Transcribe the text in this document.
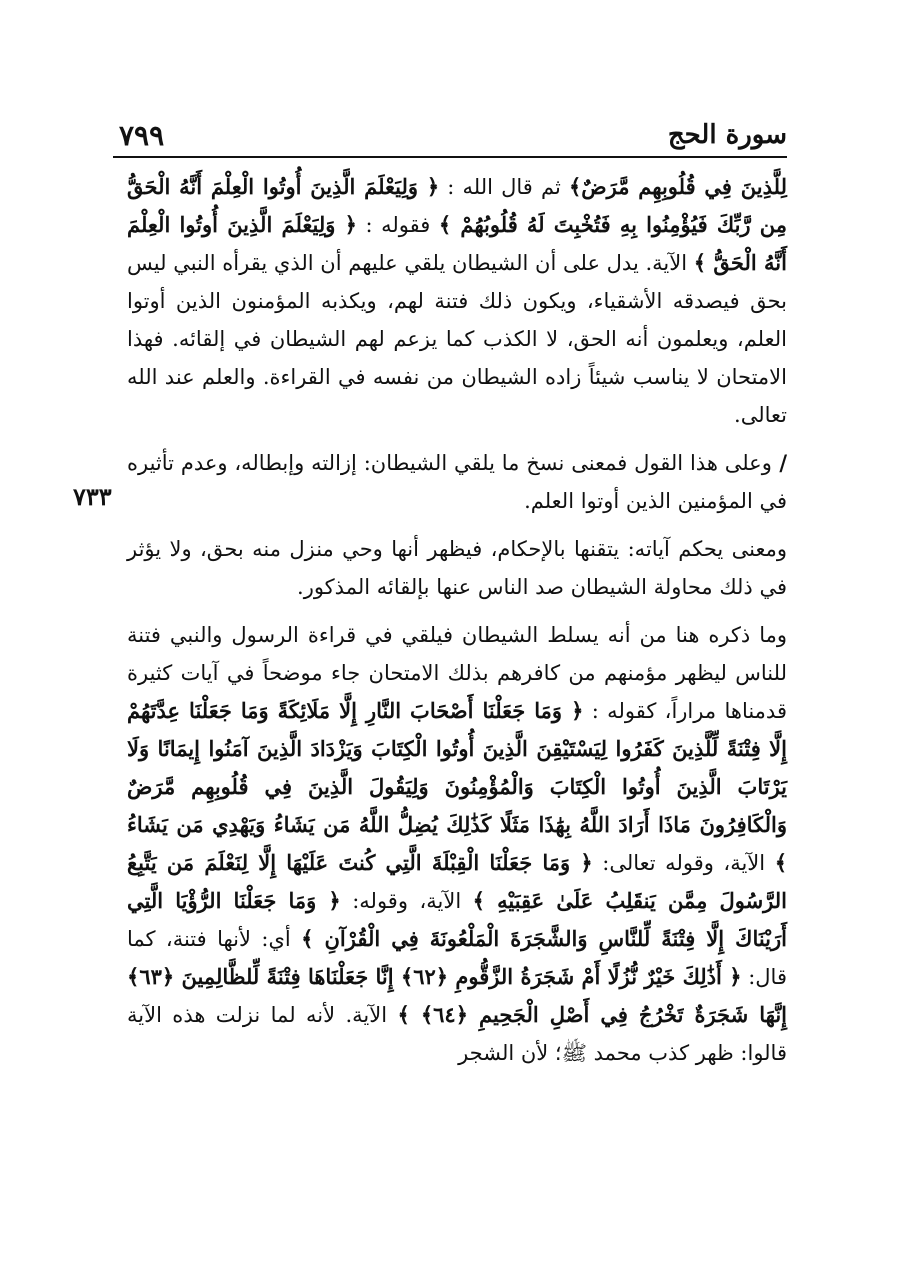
سورة الحج
٧٩٩
٧٣٣

لِلَّذِينَ فِي قُلُوبِهِم مَّرَضٌ﴾ ثم قال الله : ﴿ وَلِيَعْلَمَ الَّذِينَ أُوتُوا الْعِلْمَ أَنَّهُ الْحَقُّ مِن رَّبِّكَ فَيُؤْمِنُوا بِهِ فَتُخْبِتَ لَهُ قُلُوبُهُمْ ﴾ فقوله : ﴿ وَلِيَعْلَمَ الَّذِينَ أُوتُوا الْعِلْمَ أَنَّهُ الْحَقُّ ﴾ الآية. يدل على أن الشيطان يلقي عليهم أن الذي يقرأه النبي ليس بحق فيصدقه الأشقياء، ويكون ذلك فتنة لهم، ويكذبه المؤمنون الذين أوتوا العلم، ويعلمون أنه الحق، لا الكذب كما يزعم لهم الشيطان في إلقائه. فهذا الامتحان لا يناسب شيئاً زاده الشيطان من نفسه في القراءة. والعلم عند الله تعالى.

/ وعلى هذا القول فمعنى نسخ ما يلقي الشيطان: إزالته وإبطاله، وعدم تأثيره في المؤمنين الذين أوتوا العلم.

ومعنى يحكم آياته: يتقنها بالإحكام، فيظهر أنها وحي منزل منه بحق، ولا يؤثر في ذلك محاولة الشيطان صد الناس عنها بإلقائه المذكور.

وما ذكره هنا من أنه يسلط الشيطان فيلقي في قراءة الرسول والنبي فتنة للناس ليظهر مؤمنهم من كافرهم بذلك الامتحان جاء موضحاً في آيات كثيرة قدمناها مراراً، كقوله : ﴿ وَمَا جَعَلْنَا أَصْحَابَ النَّارِ إِلَّا مَلَائِكَةً وَمَا جَعَلْنَا عِدَّتَهُمْ إِلَّا فِتْنَةً لِّلَّذِينَ كَفَرُوا لِيَسْتَيْقِنَ الَّذِينَ أُوتُوا الْكِتَابَ وَيَزْدَادَ الَّذِينَ آمَنُوا إِيمَانًا وَلَا يَرْتَابَ الَّذِينَ أُوتُوا الْكِتَابَ وَالْمُؤْمِنُونَ وَلِيَقُولَ الَّذِينَ فِي قُلُوبِهِم مَّرَضٌ وَالْكَافِرُونَ مَاذَا أَرَادَ اللَّهُ بِهَٰذَا مَثَلًا كَذَٰلِكَ يُضِلُّ اللَّهُ مَن يَشَاءُ وَيَهْدِي مَن يَشَاءُ ﴾ الآية، وقوله تعالى: ﴿ وَمَا جَعَلْنَا الْقِبْلَةَ الَّتِي كُنتَ عَلَيْهَا إِلَّا لِنَعْلَمَ مَن يَتَّبِعُ الرَّسُولَ مِمَّن يَنقَلِبُ عَلَىٰ عَقِبَيْهِ ﴾ الآية، وقوله: ﴿ وَمَا جَعَلْنَا الرُّؤْيَا الَّتِي أَرَيْنَاكَ إِلَّا فِتْنَةً لِّلنَّاسِ وَالشَّجَرَةَ الْمَلْعُونَةَ فِي الْقُرْآنِ ﴾ أي: لأنها فتنة، كما قال: ﴿ أَذَٰلِكَ خَيْرٌ نُّزُلًا أَمْ شَجَرَةُ الزَّقُّومِ ﴿٦٢﴾ إِنَّا جَعَلْنَاهَا فِتْنَةً لِّلظَّالِمِينَ ﴿٦٣﴾ إِنَّهَا شَجَرَةٌ تَخْرُجُ فِي أَصْلِ الْجَحِيمِ ﴿٦٤﴾ ﴾ الآية. لأنه لما نزلت هذه الآية قالوا: ظهر كذب محمد ﷺ؛ لأن الشجر
